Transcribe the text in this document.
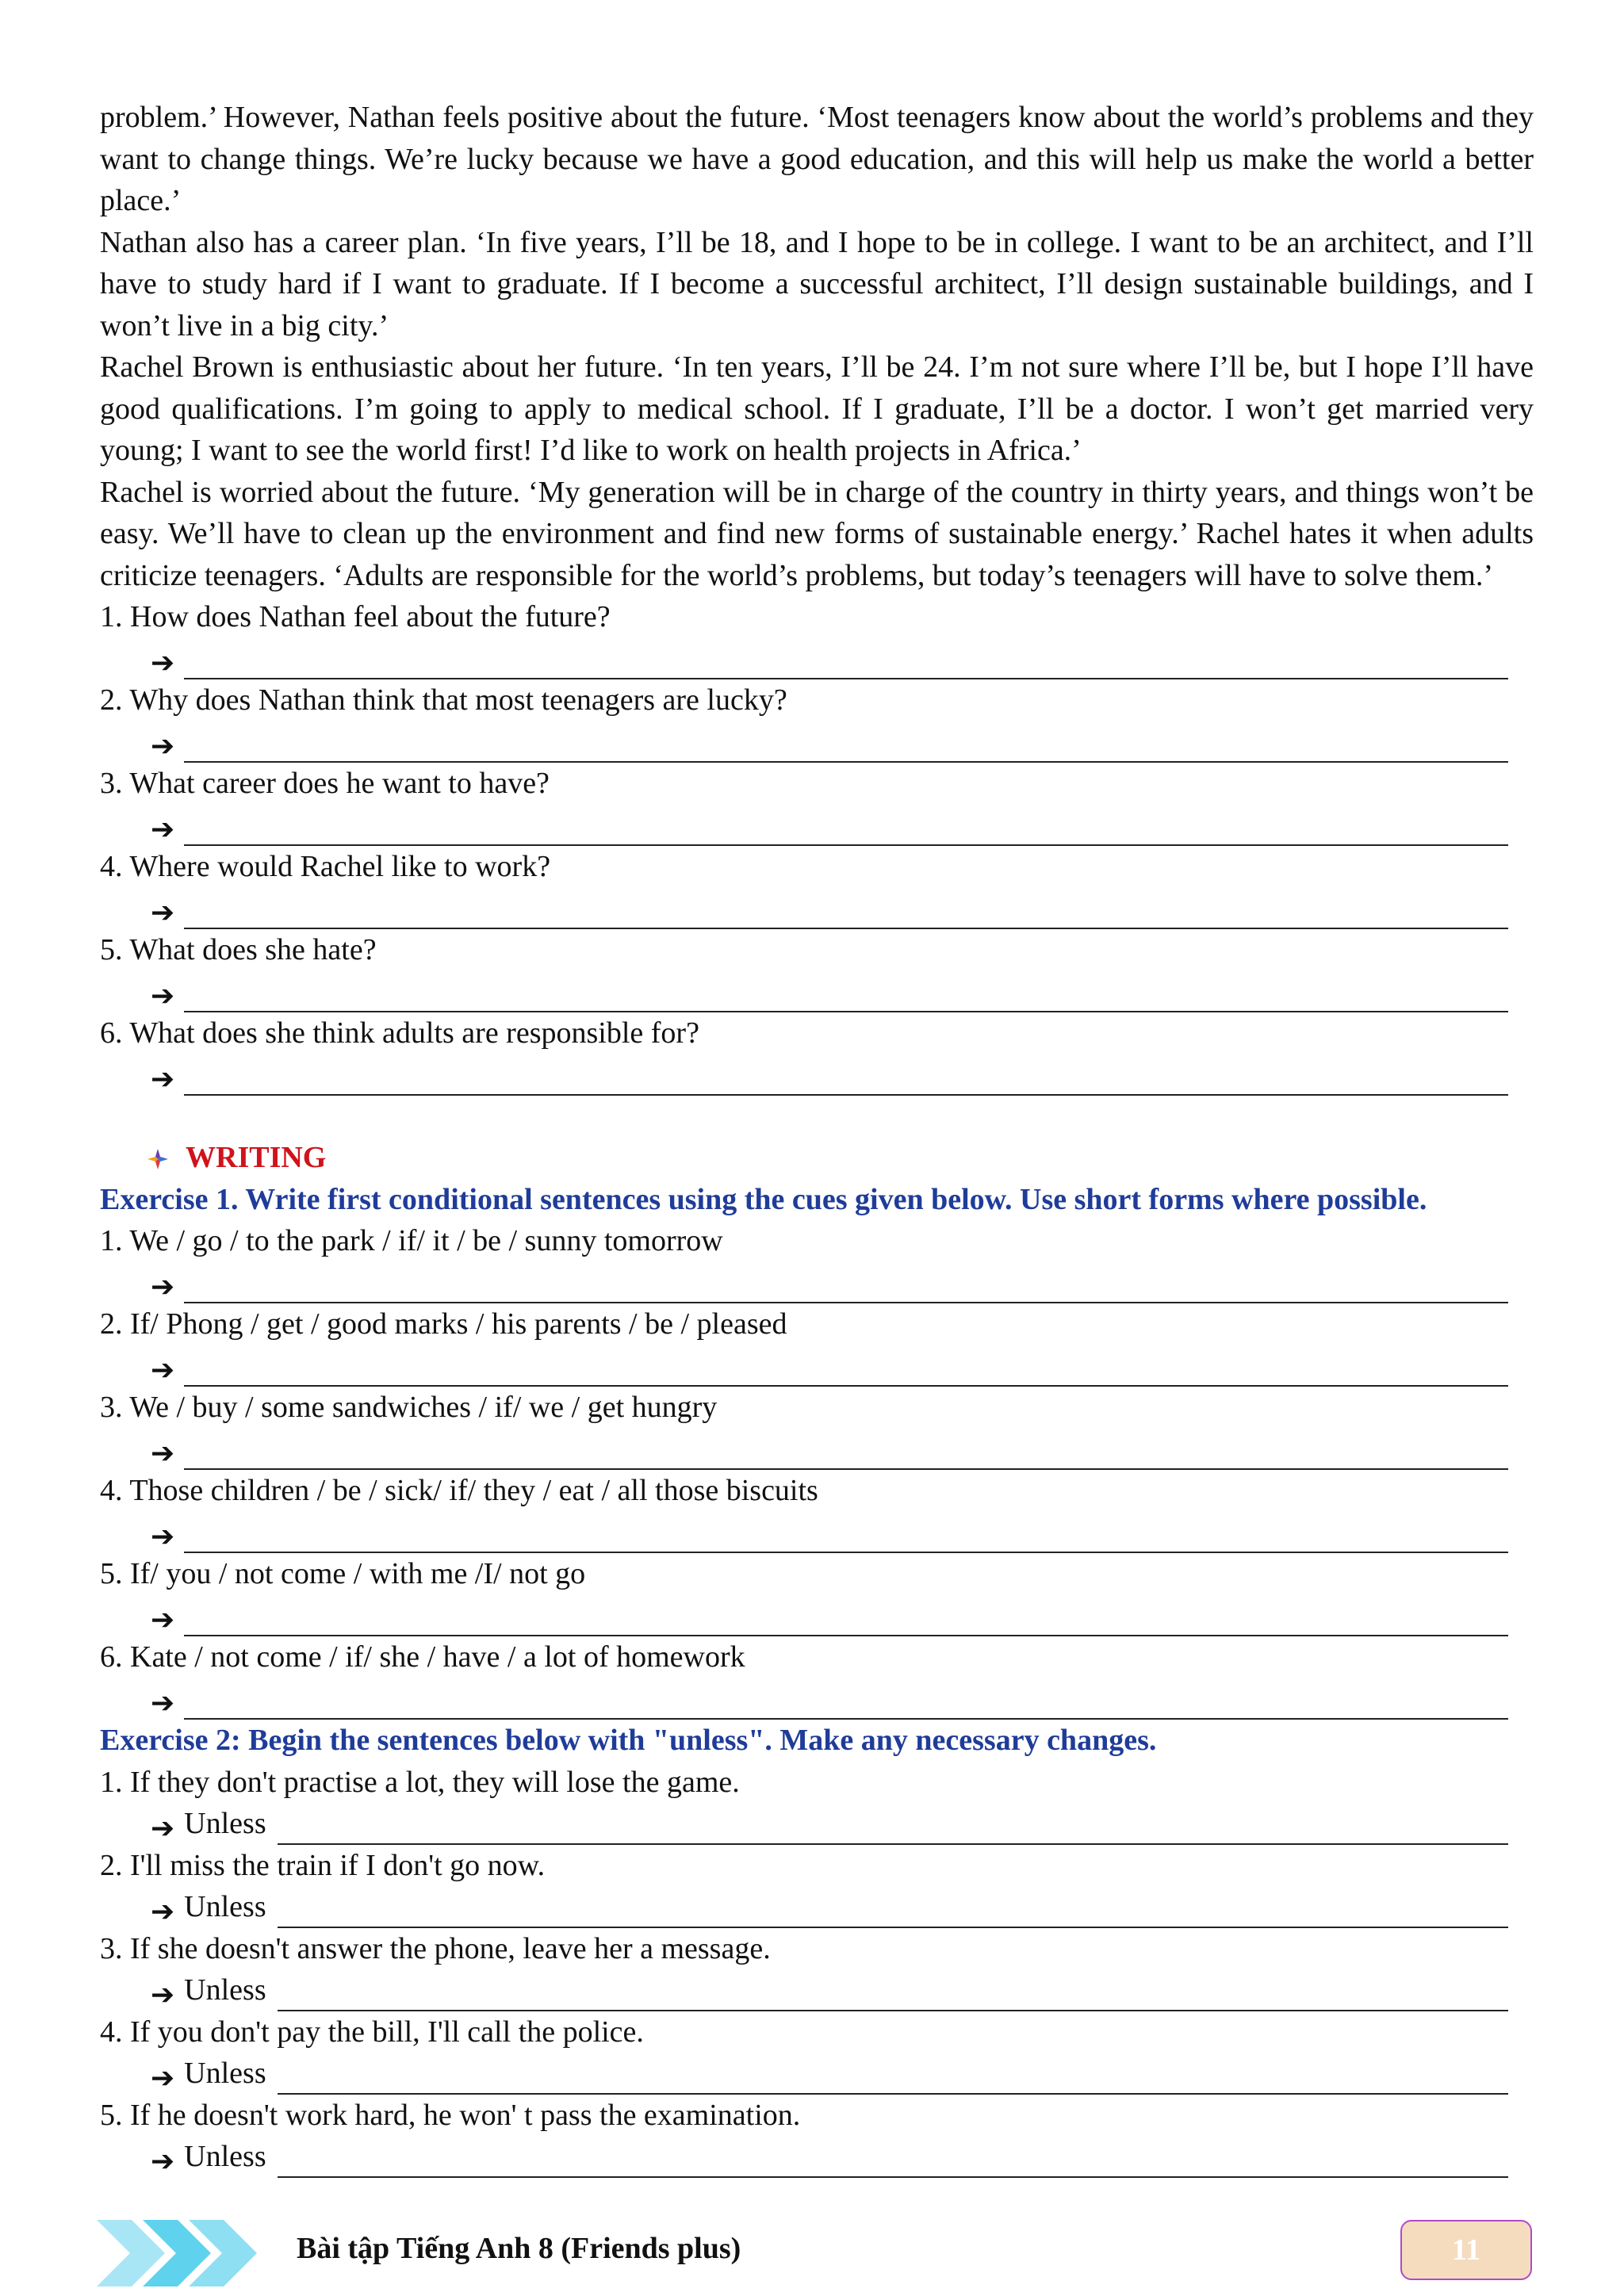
problem.’ However, Nathan feels positive about the future. ‘Most teenagers know about the world’s problems and they want to change things. We’re lucky because we have a good education, and this will help us make the world a better place.’

Nathan also has a career plan. ‘In five years, I’ll be 18, and I hope to be in college. I want to be an architect, and I’ll have to study hard if I want to graduate. If I become a successful architect, I’ll design sustainable buildings, and I won’t live in a big city.’

Rachel Brown is enthusiastic about her future. ‘In ten years, I’ll be 24. I’m not sure where I’ll be, but I hope I’ll have good qualifications. I’m going to apply to medical school. If I graduate, I’ll be a doctor. I won’t get married very young; I want to see the world first! I’d like to work on health projects in Africa.’

Rachel is worried about the future. ‘My generation will be in charge of the country in thirty years, and things won’t be easy. We’ll have to clean up the environment and find new forms of sustainable energy.’ Rachel hates it when adults criticize teenagers. ‘Adults are responsible for the world’s problems, but today’s teenagers will have to solve them.’

1. How does Nathan feel about the future?

➔

2. Why does Nathan think that most teenagers are lucky?

➔

3. What career does he want to have?

➔

4. Where would Rachel like to work?

➔

5. What does she hate?

➔

6. What does she think adults are responsible for?

➔
WRITING

Exercise 1. Write first conditional sentences using the cues given below. Use short forms where possible.

1. We / go / to the park / if/ it / be / sunny tomorrow

➔

2. If/ Phong / get / good marks / his parents / be / pleased

➔

3. We / buy / some sandwiches / if/ we / get hungry

➔

4. Those children / be / sick/ if/ they / eat / all those biscuits

➔

5. If/ you / not come / with me /I/ not go

➔

6. Kate / not come / if/ she / have / a lot of homework

➔

Exercise 2: Begin the sentences below with "unless". Make any necessary changes.

1. If they don't practise a lot, they will lose the game.

➔ Unless

2. I'll miss the train if I don't go now.

➔ Unless

3. If she doesn't answer the phone, leave her a message.

➔ Unless

4. If you don't pay the bill, I'll call the police.

➔ Unless

5. If he doesn't work hard, he won' t pass the examination.

➔ Unless
Bài tập Tiếng Anh 8 (Friends plus)	11
